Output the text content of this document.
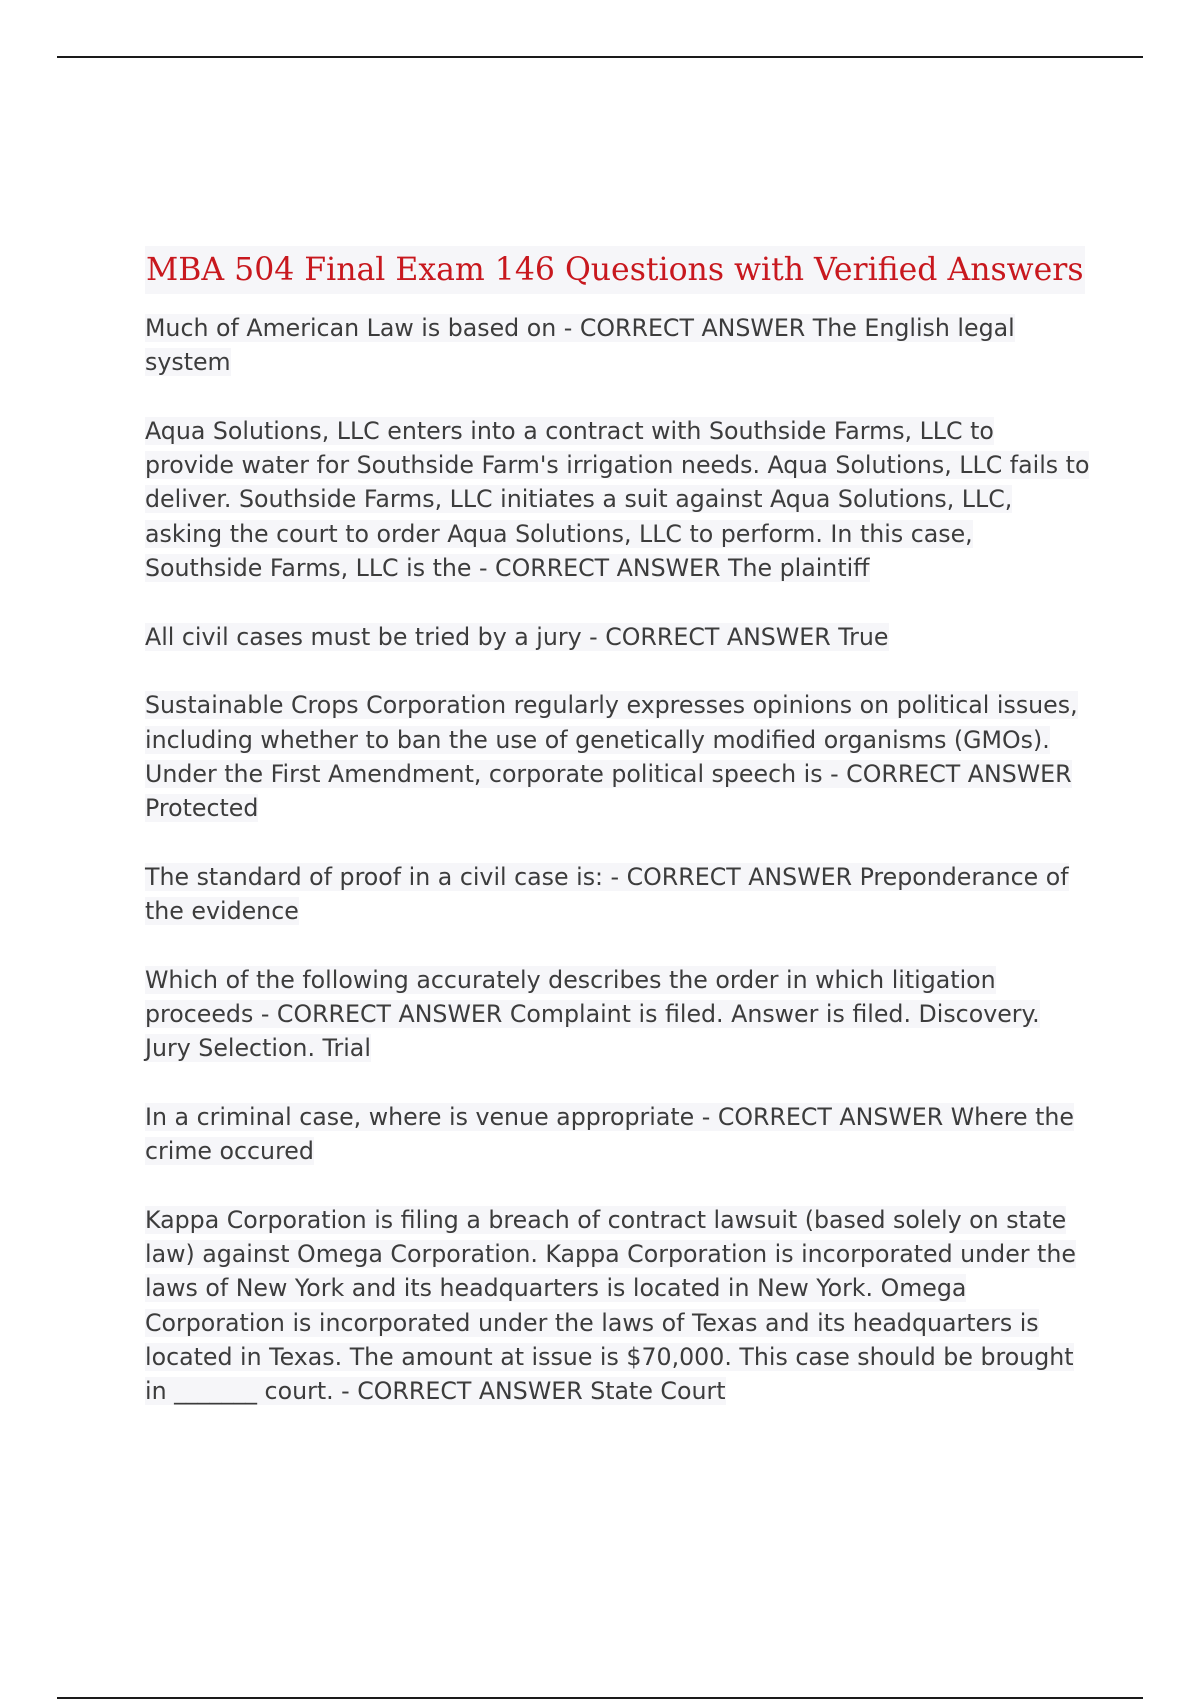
MBA 504 Final Exam 146 Questions with Verified Answers
Much of American Law is based on - CORRECT ANSWER The English legal system
Aqua Solutions, LLC enters into a contract with Southside Farms, LLC to provide water for Southside Farm's irrigation needs. Aqua Solutions, LLC fails to deliver. Southside Farms, LLC initiates a suit against Aqua Solutions, LLC, asking the court to order Aqua Solutions, LLC to perform. In this case, Southside Farms, LLC is the - CORRECT ANSWER The plaintiff
All civil cases must be tried by a jury - CORRECT ANSWER True
Sustainable Crops Corporation regularly expresses opinions on political issues, including whether to ban the use of genetically modified organisms (GMOs). Under the First Amendment, corporate political speech is - CORRECT ANSWER Protected
The standard of proof in a civil case is: - CORRECT ANSWER Preponderance of the evidence
Which of the following accurately describes the order in which litigation proceeds - CORRECT ANSWER Complaint is filed. Answer is filed. Discovery. Jury Selection. Trial
In a criminal case, where is venue appropriate - CORRECT ANSWER Where the crime occured
Kappa Corporation is filing a breach of contract lawsuit (based solely on state law) against Omega Corporation. Kappa Corporation is incorporated under the laws of New York and its headquarters is located in New York. Omega Corporation is incorporated under the laws of Texas and its headquarters is located in Texas. The amount at issue is $70,000. This case should be brought in _______ court. - CORRECT ANSWER State Court
